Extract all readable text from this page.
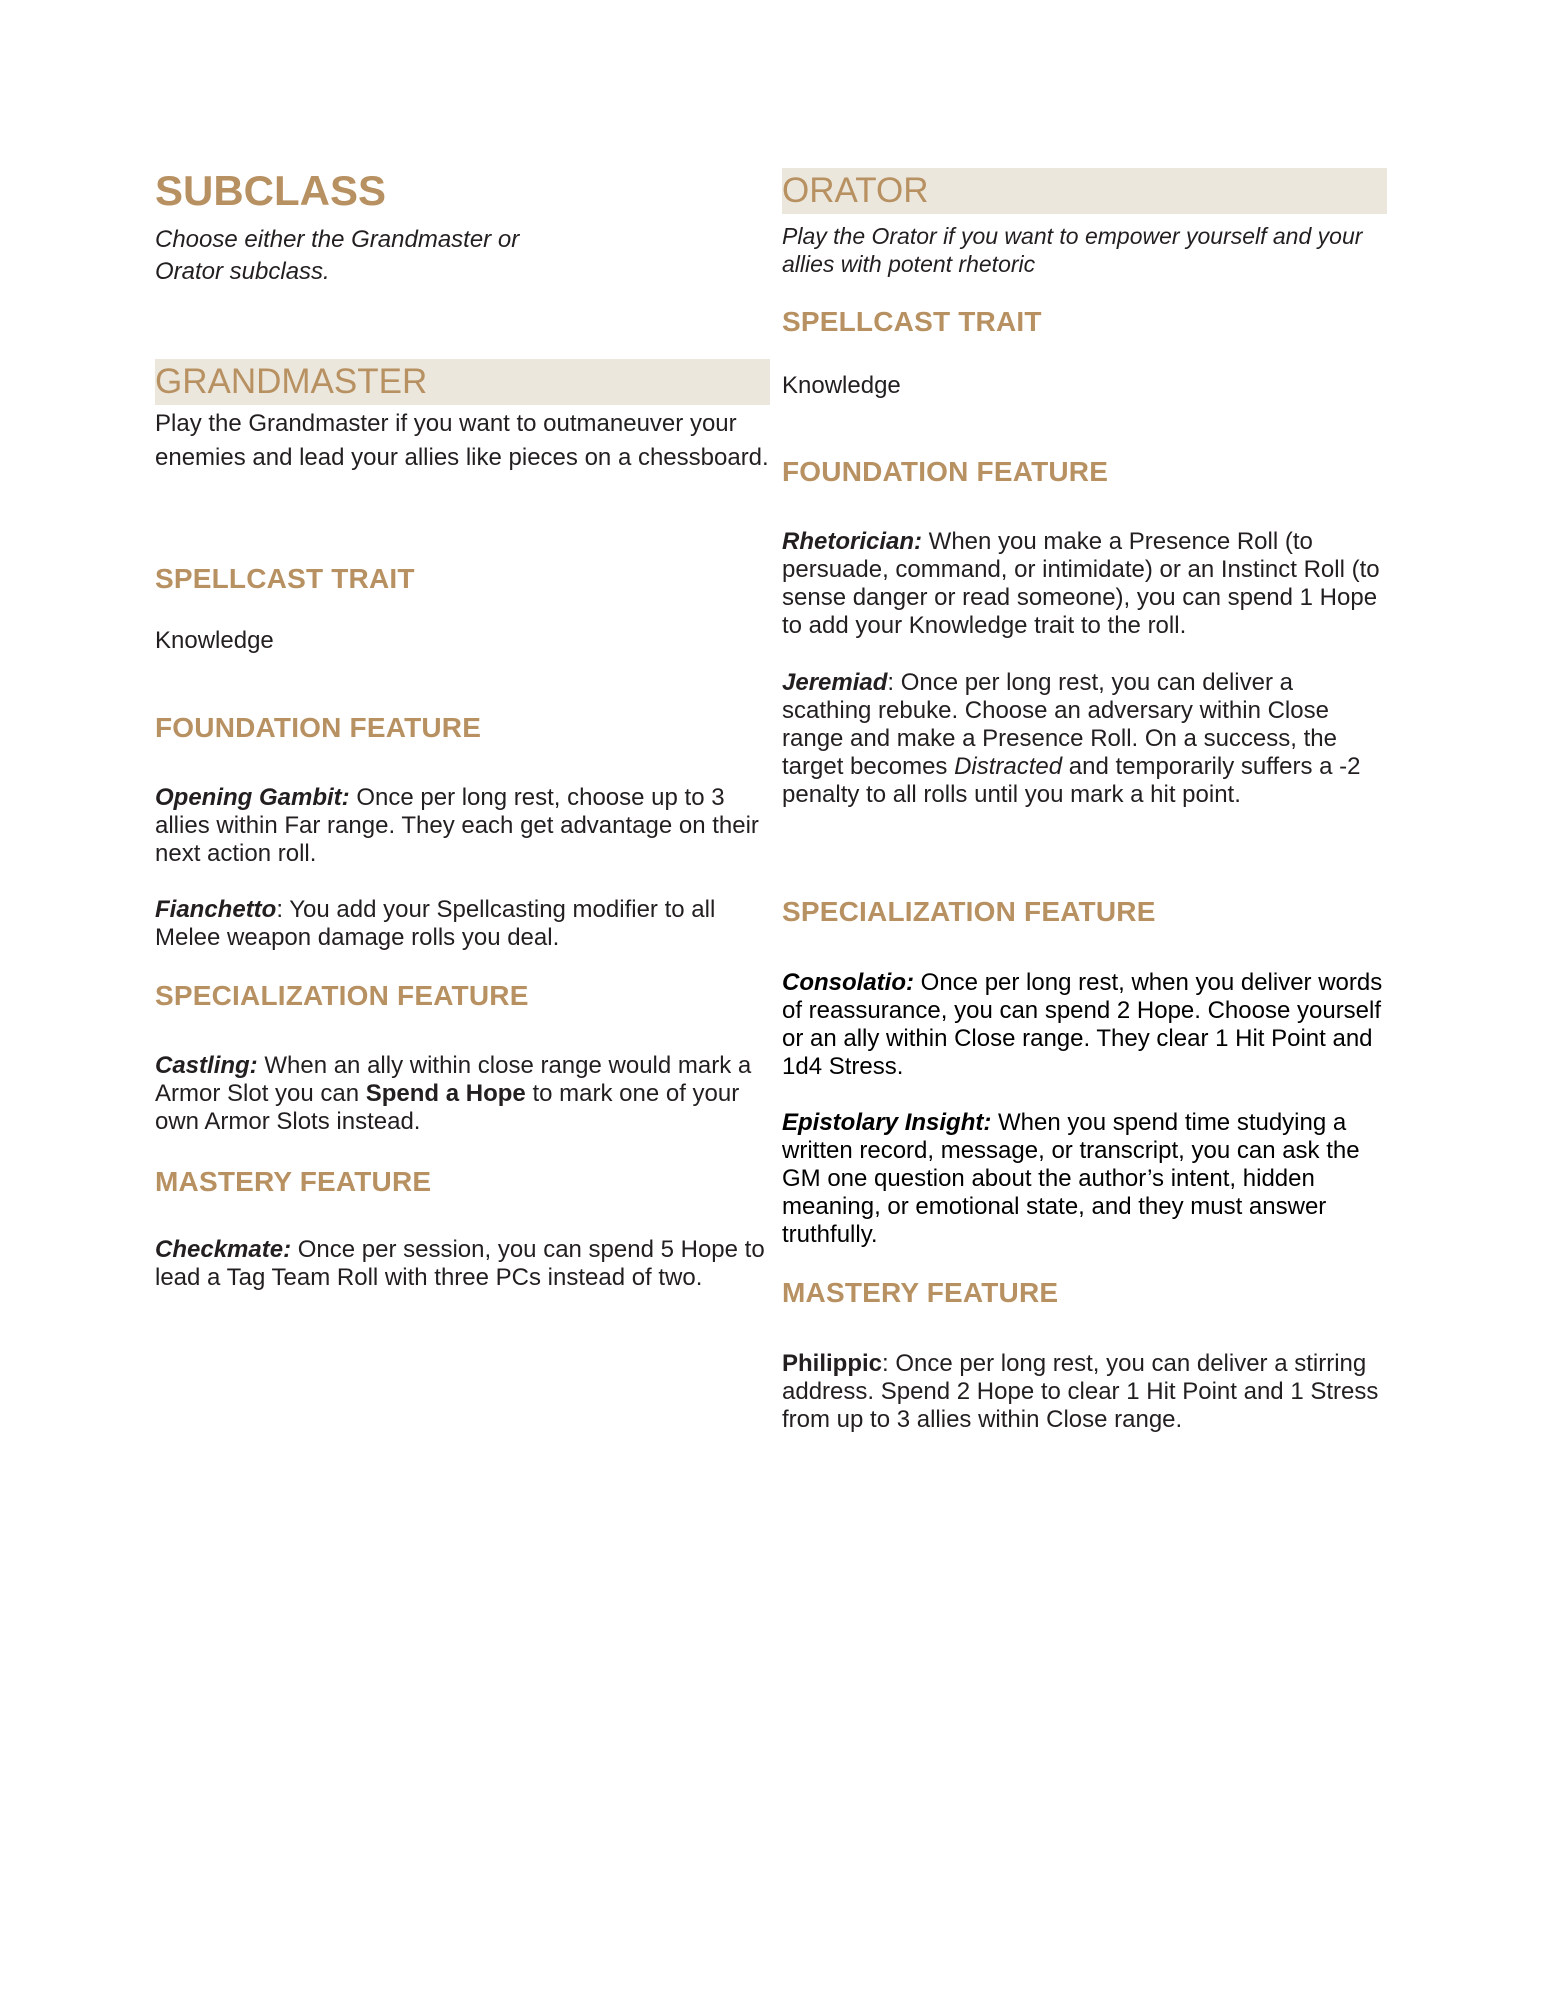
SUBCLASS

Choose either the Grandmaster or Orator subclass.

GRANDMASTER

Play the Grandmaster if you want to outmaneuver your enemies and lead your allies like pieces on a chessboard.

SPELLCAST TRAIT

Knowledge

FOUNDATION FEATURE

Opening Gambit: Once per long rest, choose up to 3 allies within Far range. They each get advantage on their next action roll.

Fianchetto: You add your Spellcasting modifier to all Melee weapon damage rolls you deal.

SPECIALIZATION FEATURE

Castling: When an ally within close range would mark a Armor Slot you can Spend a Hope to mark one of your own Armor Slots instead.

MASTERY FEATURE

Checkmate: Once per session, you can spend 5 Hope to lead a Tag Team Roll with three PCs instead of two.

ORATOR

Play the Orator if you want to empower yourself and your allies with potent rhetoric

SPELLCAST TRAIT

Knowledge

FOUNDATION FEATURE

Rhetorician: When you make a Presence Roll (to persuade, command, or intimidate) or an Instinct Roll (to sense danger or read someone), you can spend 1 Hope to add your Knowledge trait to the roll.

Jeremiad: Once per long rest, you can deliver a scathing rebuke. Choose an adversary within Close range and make a Presence Roll. On a success, the target becomes Distracted and temporarily suffers a -2 penalty to all rolls until you mark a hit point.

SPECIALIZATION FEATURE

Consolatio: Once per long rest, when you deliver words of reassurance, you can spend 2 Hope. Choose yourself or an ally within Close range. They clear 1 Hit Point and 1d4 Stress.

Epistolary Insight: When you spend time studying a written record, message, or transcript, you can ask the GM one question about the author’s intent, hidden meaning, or emotional state, and they must answer truthfully.

MASTERY FEATURE

Philippic: Once per long rest, you can deliver a stirring address. Spend 2 Hope to clear 1 Hit Point and 1 Stress from up to 3 allies within Close range.
